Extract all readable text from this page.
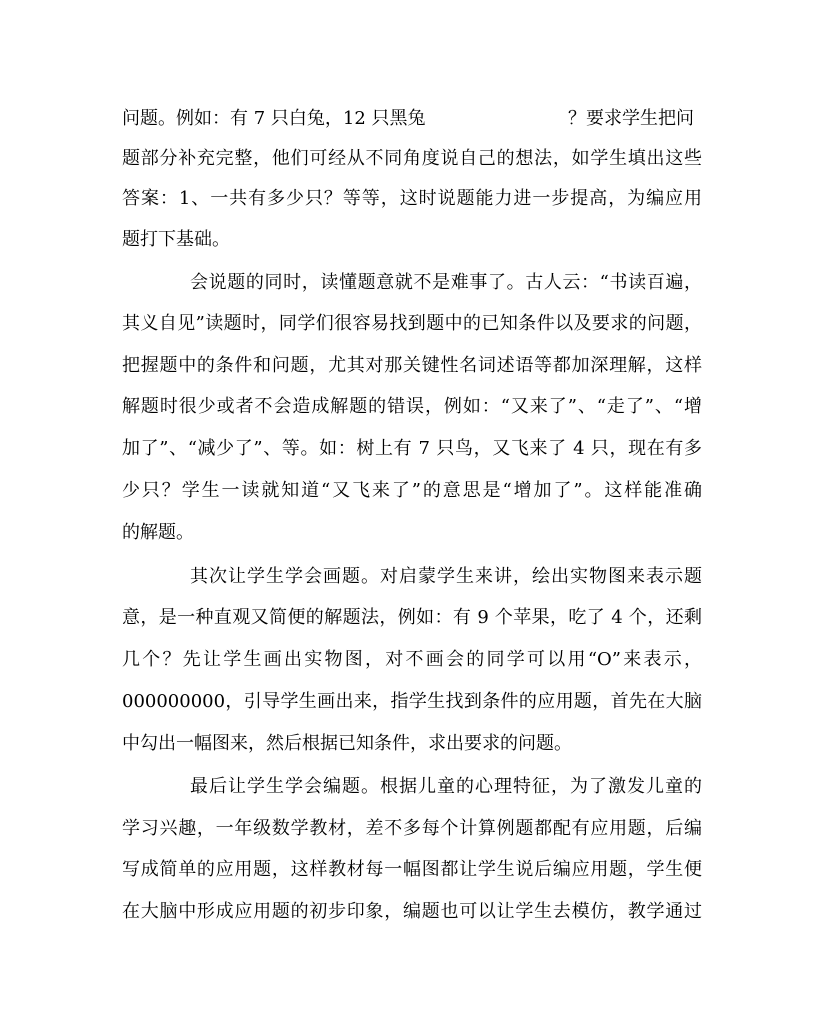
问题。例如：有 7 只白兔，12 只黑兔	？要求学生把问
题部分补充完整，他们可经从不同角度说自己的想法，如学生填出这些
答案：1、一共有多少只？等等，这时说题能力进一步提高，为编应用
题打下基础。
会说题的同时，读懂题意就不是难事了。古人云：“书读百遍，
其义自见”读题时，同学们很容易找到题中的已知条件以及要求的问题，
把握题中的条件和问题，尤其对那关键性名词述语等都加深理解，这样
解题时很少或者不会造成解题的错误，例如：“又来了”、“走了”、“增
加了”、“减少了”、等。如：树上有 7 只鸟，又飞来了 4 只，现在有多
少只？学生一读就知道“又飞来了”的意思是“增加了”。这样能准确
的解题。
其次让学生学会画题。对启蒙学生来讲，绘出实物图来表示题
意，是一种直观又简便的解题法，例如：有 9 个苹果，吃了 4 个，还剩
几个？先让学生画出实物图，对不画会的同学可以用“O”来表示，
000000000，引导学生画出来，指学生找到条件的应用题，首先在大脑
中勾出一幅图来，然后根据已知条件，求出要求的问题。
最后让学生学会编题。根据儿童的心理特征，为了激发儿童的
学习兴趣，一年级数学教材，差不多每个计算例题都配有应用题，后编
写成简单的应用题，这样教材每一幅图都让学生说后编应用题，学生便
在大脑中形成应用题的初步印象，编题也可以让学生去模仿，教学通过
